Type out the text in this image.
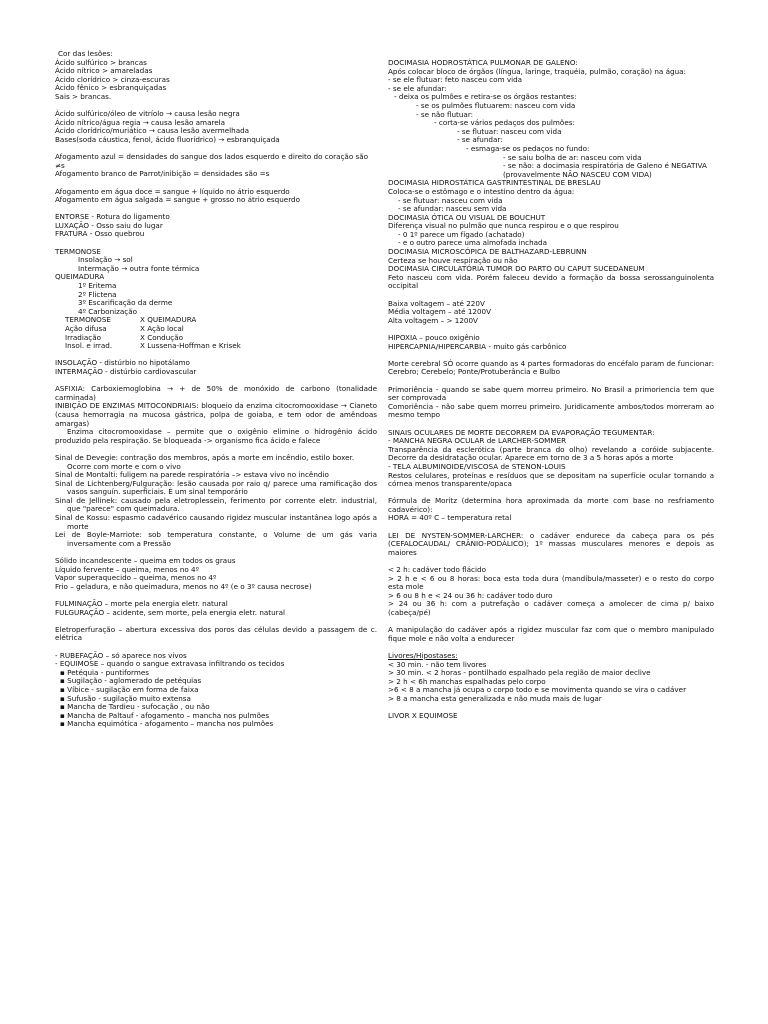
Cor das lesões:
Ácido sulfúrico > brancas
Ácido nítrico > amareladas
Ácido clorídrico > cinza-escuras
Ácido fênico > esbranquiçadas
Sais > brancas.
Ácido sulfúrico/óleo de vitríolo → causa lesão negra
Ácido nítrico/água regia → causa lesão amarela
Ácido clorídrico/muriático → causa lesão avermelhada
Bases(soda cáustica, fenol, ácido fluorídrico) → esbranquiçada
Afogamento azul = densidades do sangue dos lados esquerdo e direito do coração são ≠s
Afogamento branco de Parrot/inibição = densidades são =s
Afogamento em água doce = sangue + líquido no átrio esquerdo
Afogamento em água salgada = sangue + grosso no átrio esquerdo
ENTORSE - Rotura do ligamento
LUXAÇÃO - Osso saiu do lugar
FRATURA - Osso quebrou
TERMONOSE
Insolação → sol
Intermação → outra fonte térmica
QUEIMADURA
1º Eritema
2º Flictena
3º Escarificação da derme
4º Carbonização
TERMONOSE	X QUEIMADURA
Ação difusa	X Ação local
Irradiação	X Condução
Insol. e irrad.	X Lussena-Hoffman e Krisek
INSOLAÇÃO - distúrbio no hipotálamo
INTERMAÇÃO - distúrbio cardiovascular
ASFIXIA: Carboxiemoglobina → + de 50% de monóxido de carbono (tonalidade carminada)
INIBIÇÃO DE ENZIMAS MITOCONDRIAIS: bloqueio da enzima citocromooxidase → Cianeto (causa hemorragia na mucosa gástrica, polpa de goiaba, e tem odor de amêndoas amargas)
Enzima citocromooxidase – permite que o oxigênio elimine o hidrogênio ácido produzido pela respiração. Se bloqueada -> organismo fica ácido e falece
Sinal de Devegie: contração dos membros, após a morte em incêndio, estilo boxer.
Ocorre com morte e com o vivo
Sinal de Montalti: fuligem na parede respiratória –> estava vivo no incêndio
Sinal de Lichtenberg/Fulguração: lesão causada por raio q/ parece uma ramificação dos vasos sanguín. superficiais. É um sinal temporário
Sinal de Jellinek: causado pela eletroplessein, ferimento por corrente eletr. industrial, que "parece" com queimadura.
Sinal de Kossu: espasmo cadavérico causando rigidez muscular instantânea logo após a morte
Lei de Boyle-Marriote: sob temperatura constante, o Volume de um gás varia inversamente com a Pressão
Sólido incandescente – queima em todos os graus
Líquido fervente – queima, menos no 4º
Vapor superaquecido – queima, menos no 4º
Frio – geladura, e não queimadura, menos no 4º (e o 3º causa necrose)
FULMINAÇÃO – morte pela energia eletr. natural
FULGURAÇÃO – acidente, sem morte, pela energia eletr. natural
Eletroperfuração – abertura excessiva dos poros das células devido a passagem de c. elétrica
- RUBEFAÇÃO – só aparece nos vivos
- EQUIMOSE – quando o sangue extravasa infiltrando os tecidos
▪ Petéquia - puntiformes
▪ Sugilação - aglomerado de petéquias
▪ Víbice - sugilação em forma de faixa
▪ Sufusão - sugilação muito extensa
▪ Mancha de Tardieu - sufocação , ou não
▪ Mancha de Paltauf - afogamento – mancha nos pulmões
▪ Mancha equimótica - afogamento – mancha nos pulmões
DOCIMASIA HODROSTÁTICA PULMONAR DE GALENO:
Após colocar bloco de órgãos (língua, laringe, traquéia, pulmão, coração) na água:
- se ele flutuar: feto nasceu com vida
- se ele afundar:
- deixa os pulmões e retira-se os órgãos restantes:
- se os pulmões flutuarem: nasceu com vida
- se não flutuar:
- corta-se vários pedaços dos pulmões:
- se flutuar: nasceu com vida
- se afundar:
- esmaga-se os pedaços no fundo:
- se saiu bolha de ar: nasceu com vida
- se não: a docimasia respiratória de Galeno é NEGATIVA (provavelmente NÃO NASCEU COM VIDA)
DOCIMASIA HIDROSTÁTICA GASTRINTESTINAL DE BRESLAU
Coloca-se o estômago e o intestino dentro da água:
- se flutuar: nasceu com vida
- se afundar: nasceu sem vida
DOCIMASIA ÓTICA OU VISUAL DE BOUCHUT
Diferença visual no pulmão que nunca respirou e o que respirou
- 0 1º parece um fígado (achatado)
- e o outro parece uma almofada inchada
DOCIMASIA MICROSCÓPICA DE BALTHAZARD-LEBRUNN
Certeza se houve respiração ou não
DOCIMASIA CIRCULATÓRIA TUMOR DO PARTO OU CAPUT SUCEDANEUM
Feto nasceu com vida. Porém faleceu devido a formação da bossa serossanguinolenta occipital
Baixa voltagem – até 220V
Média voltagem – até 1200V
Alta voltagem – > 1200V
HIPOXIA – pouco oxigênio
HIPERCAPNIA/HIPERCARBIA - muito gás carbônico
Morte cerebral SÓ ocorre quando as 4 partes formadoras do encéfalo param de funcionar: Cerebro; Cerebelo; Ponte/Protuberância e Bulbo
Primoriência - quando se sabe quem morreu primeiro. No Brasil a primoriencia tem que ser comprovada
Comoriência - não sabe quem morreu primeiro. Juridicamente ambos/todos morreram ao mesmo tempo
SINAIS OCULARES DE MORTE DECORREM DA EVAPORAÇÃO TEGUMENTAR:
- MANCHA NEGRA OCULAR de LARCHER-SOMMER
Transparência da esclerótica (parte branca do olho) revelando a coróide subjacente. Decorre da desidratação ocular. Aparece em torno de 3 a 5 horas após a morte
- TELA ALBUMINOIDE/VISCOSA de STENON-LOUIS
Restos celulares, proteínas e resíduos que se depositam na superfície ocular tornando a córnea menos transparente/opaca
Fórmula de Moritz (determina hora aproximada da morte com base no resfriamento cadavérico):
HORA = 40º C – temperatura retal
LEI DE NYSTEN-SOMMER-LARCHER: o cadáver endurece da cabeça para os pés (CEFALOCAUDAL/ CRÂNIO-PODÁLICO); 1º massas musculares menores e depois as maiores
< 2 h: cadáver todo flácido
> 2 h e < 6 ou 8 horas: boca esta toda dura (mandíbula/masseter) e o resto do corpo esta mole
> 6 ou 8 h e < 24 ou 36 h: cadáver todo duro
> 24 ou 36 h: com a putrefação o cadáver começa a amolecer de cima p/ baixo (cabeça/pé)
A manipulação do cadáver após a rigidez muscular faz com que o membro manipulado fique mole e não volta a endurecer
Livores/Hipostases:
< 30 min. - não tem livores
> 30 min. < 2 horas - pontilhado espalhado pela região de maior declive
> 2 h < 6h manchas espalhadas pelo corpo
>6 < 8 a mancha já ocupa o corpo todo e se movimenta quando se vira o cadáver
> 8 a mancha esta generalizada e não muda mais de lugar
LIVOR X EQUIMOSE
